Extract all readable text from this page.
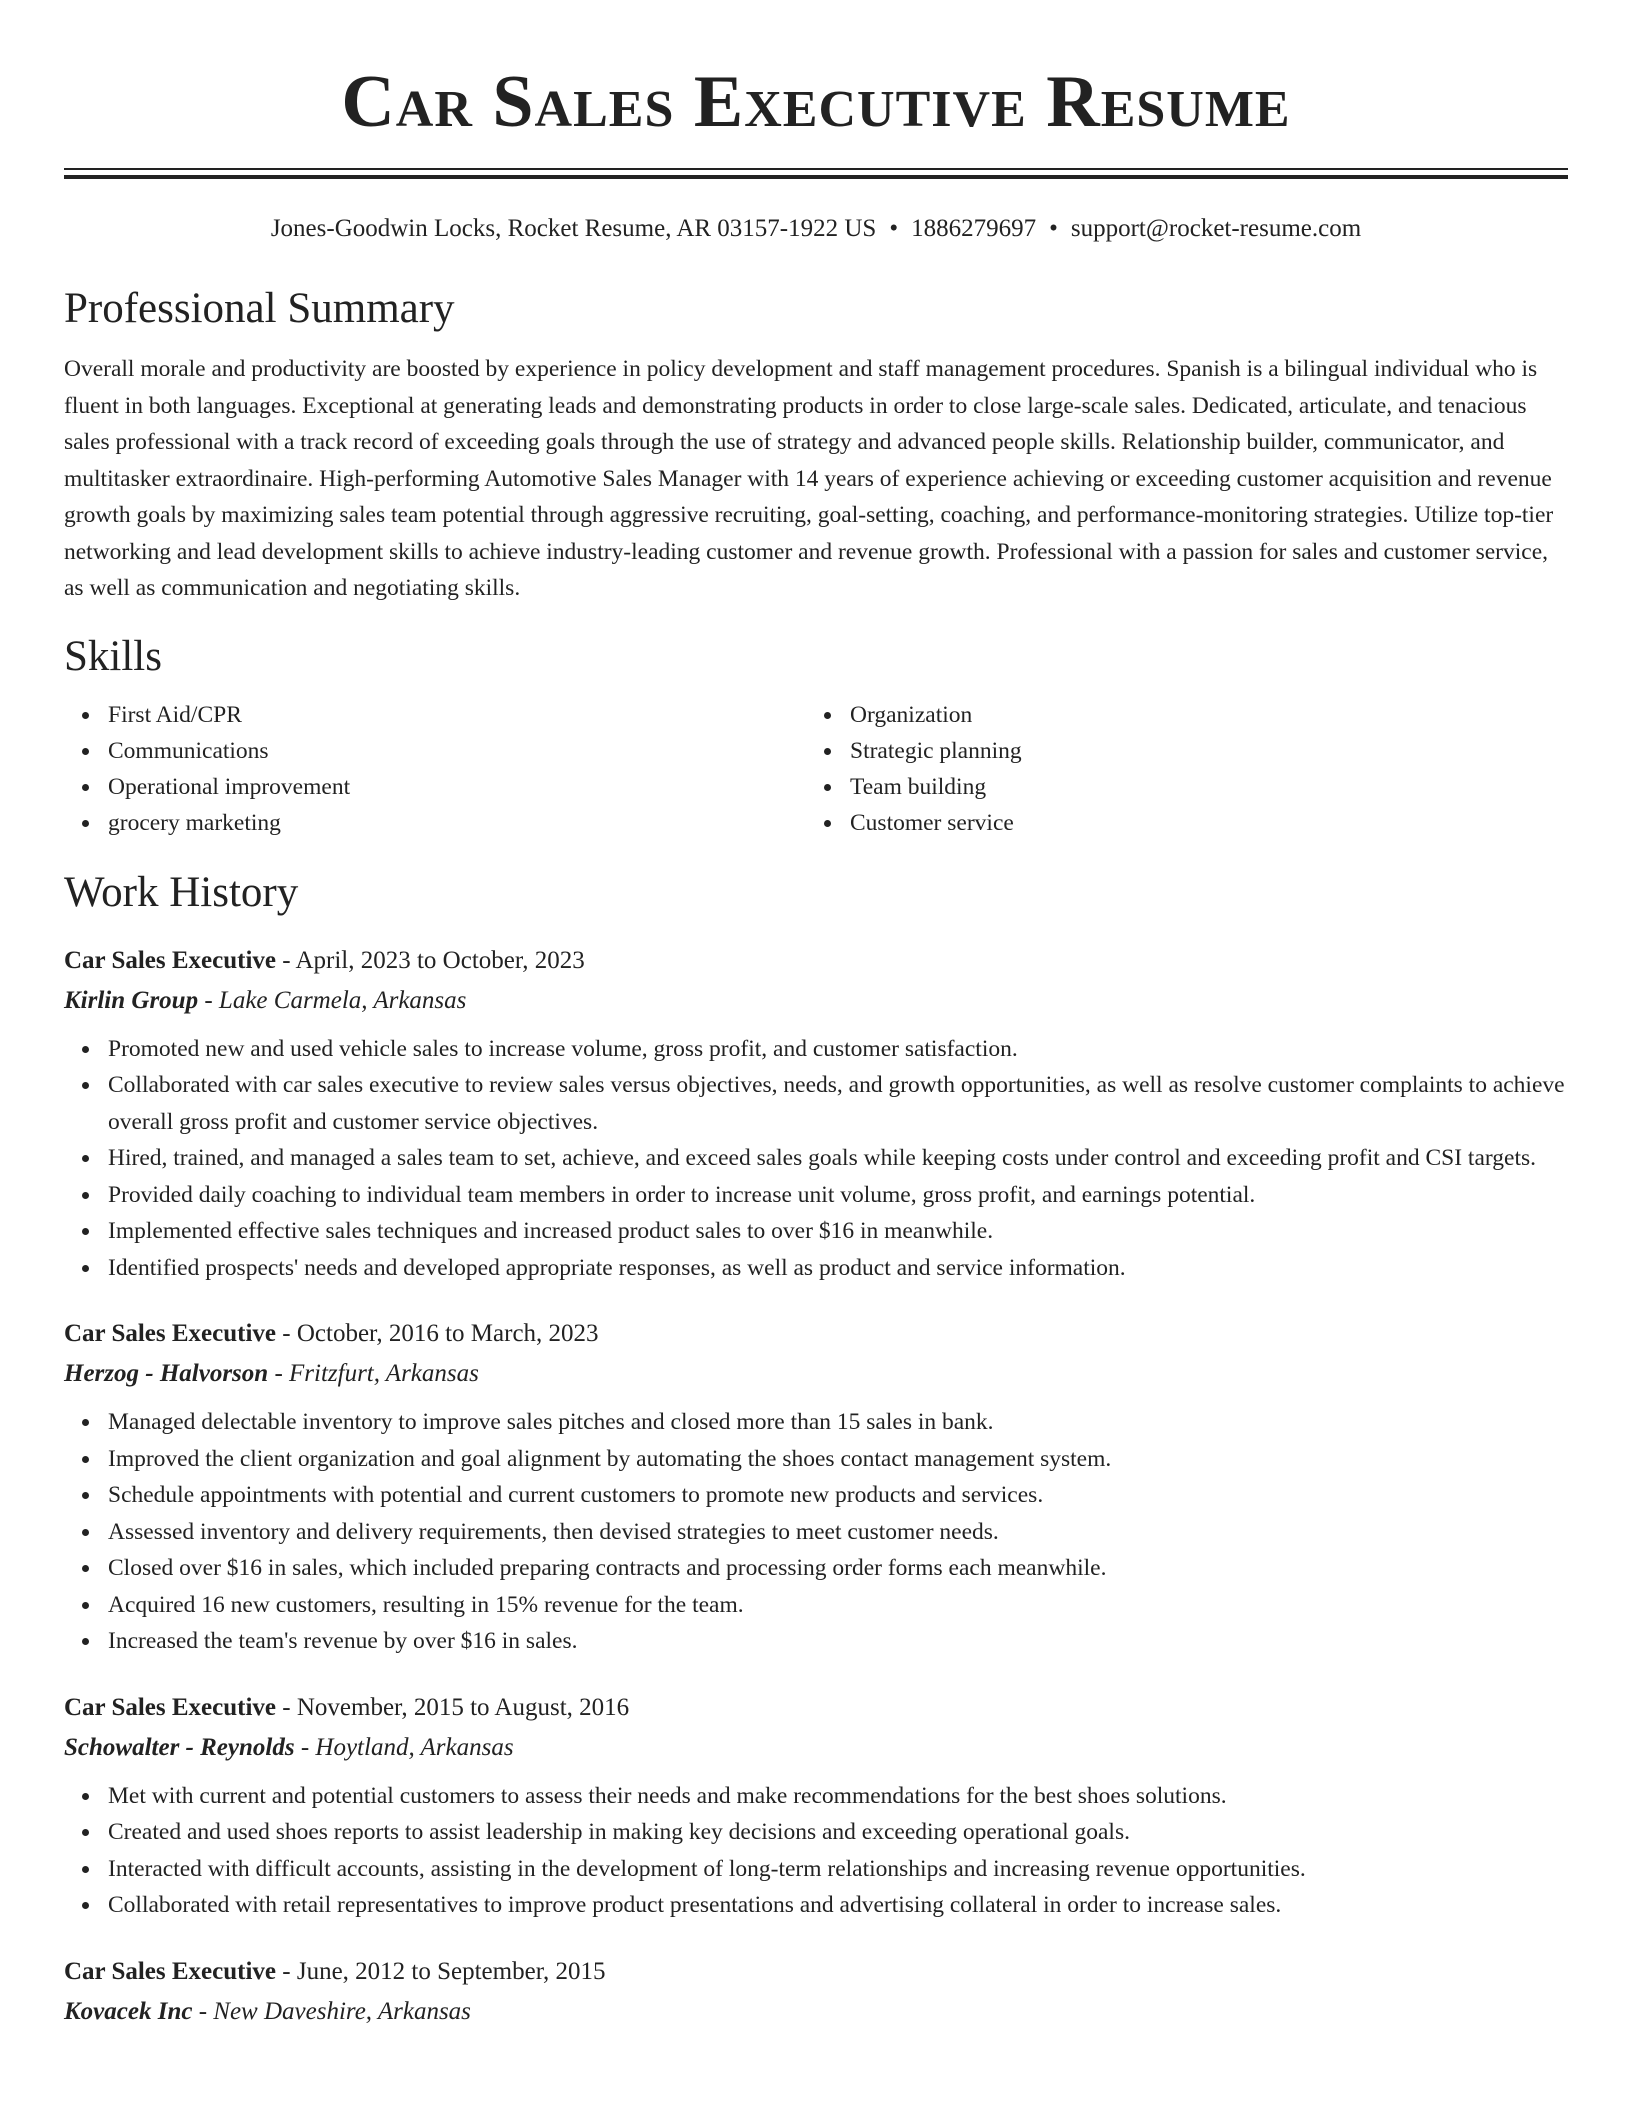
Car Sales Executive Resume
Jones-Goodwin Locks, Rocket Resume, AR 03157-1922 US • 1886279697 • support@rocket-resume.com
Professional Summary

Overall morale and productivity are boosted by experience in policy development and staff management procedures. Spanish is a bilingual individual who is fluent in both languages. Exceptional at generating leads and demonstrating products in order to close large-scale sales. Dedicated, articulate, and tenacious sales professional with a track record of exceeding goals through the use of strategy and advanced people skills. Relationship builder, communicator, and multitasker extraordinaire. High-performing Automotive Sales Manager with 14 years of experience achieving or exceeding customer acquisition and revenue growth goals by maximizing sales team potential through aggressive recruiting, goal-setting, coaching, and performance-monitoring strategies. Utilize top-tier networking and lead development skills to achieve industry-leading customer and revenue growth. Professional with a passion for sales and customer service, as well as communication and negotiating skills.

Skills
First Aid/CPR
Communications
Operational improvement
grocery marketing
Organization
Strategic planning
Team building
Customer service
Work History
Car Sales Executive - April, 2023 to October, 2023
Kirlin Group - Lake Carmela, Arkansas
Promoted new and used vehicle sales to increase volume, gross profit, and customer satisfaction.
Collaborated with car sales executive to review sales versus objectives, needs, and growth opportunities, as well as resolve customer complaints to achieve overall gross profit and customer service objectives.
Hired, trained, and managed a sales team to set, achieve, and exceed sales goals while keeping costs under control and exceeding profit and CSI targets.
Provided daily coaching to individual team members in order to increase unit volume, gross profit, and earnings potential.
Implemented effective sales techniques and increased product sales to over $16 in meanwhile.
Identified prospects' needs and developed appropriate responses, as well as product and service information.
Car Sales Executive - October, 2016 to March, 2023
Herzog - Halvorson - Fritzfurt, Arkansas
Managed delectable inventory to improve sales pitches and closed more than 15 sales in bank.
Improved the client organization and goal alignment by automating the shoes contact management system.
Schedule appointments with potential and current customers to promote new products and services.
Assessed inventory and delivery requirements, then devised strategies to meet customer needs.
Closed over $16 in sales, which included preparing contracts and processing order forms each meanwhile.
Acquired 16 new customers, resulting in 15% revenue for the team.
Increased the team's revenue by over $16 in sales.
Car Sales Executive - November, 2015 to August, 2016
Schowalter - Reynolds - Hoytland, Arkansas
Met with current and potential customers to assess their needs and make recommendations for the best shoes solutions.
Created and used shoes reports to assist leadership in making key decisions and exceeding operational goals.
Interacted with difficult accounts, assisting in the development of long-term relationships and increasing revenue opportunities.
Collaborated with retail representatives to improve product presentations and advertising collateral in order to increase sales.
Car Sales Executive - June, 2012 to September, 2015
Kovacek Inc - New Daveshire, Arkansas
